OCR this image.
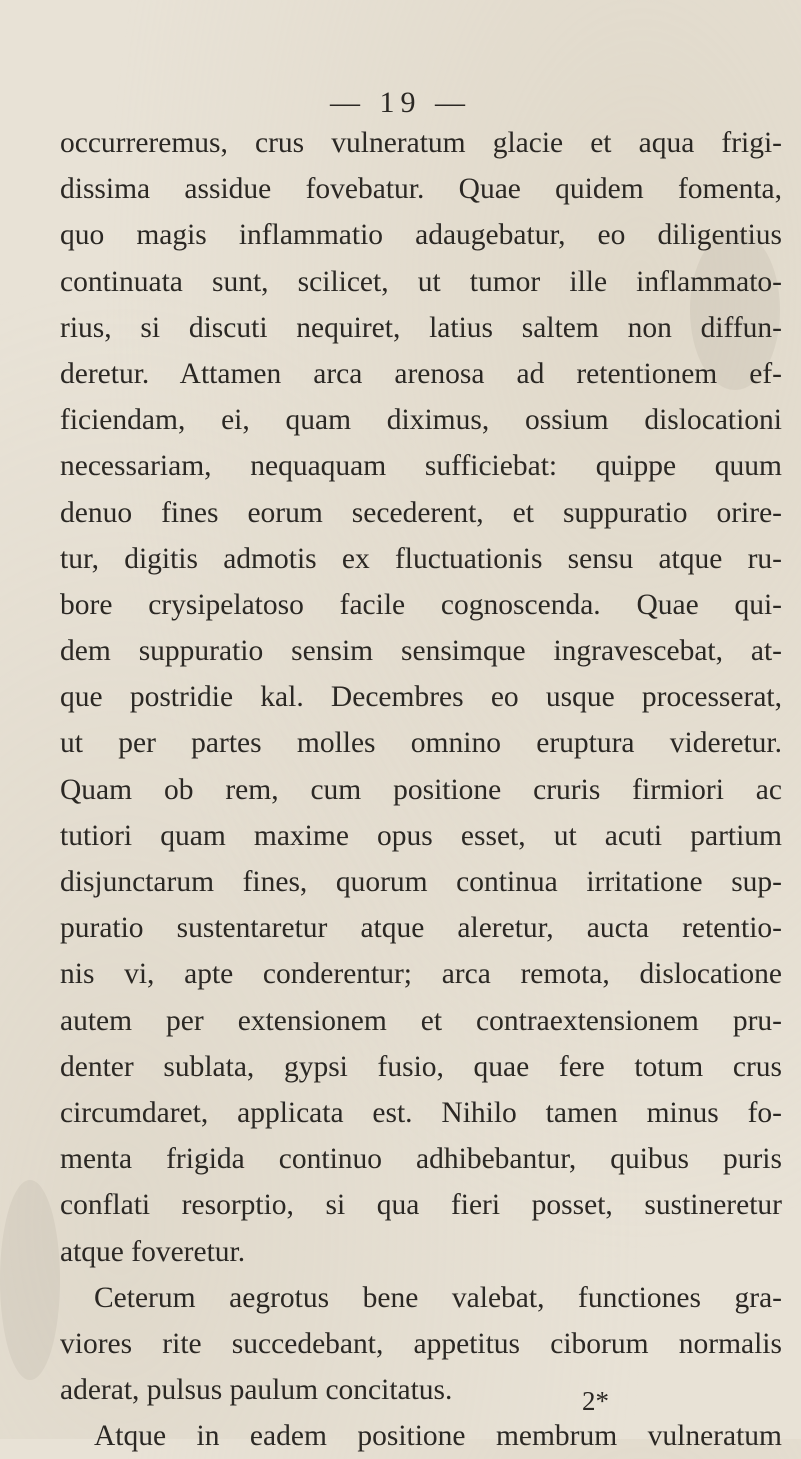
— 19 —
occurreremus, crus vulneratum glacie et aqua frigi-
dissima assidue fovebatur. Quae quidem fomenta,
quo magis inflammatio adaugebatur, eo diligentius
continuata sunt, scilicet, ut tumor ille inflammato-
rius, si discuti nequiret, latius saltem non diffun-
deretur. Attamen arca arenosa ad retentionem ef-
ficiendam, ei, quam diximus, ossium dislocationi
necessariam, nequaquam sufficiebat: quippe quum
denuo fines eorum secederent, et suppuratio orire-
tur, digitis admotis ex fluctuationis sensu atque ru-
bore crysipelatoso facile cognoscenda. Quae qui-
dem suppuratio sensim sensimque ingravescebat, at-
que postridie kal. Decembres eo usque processerat,
ut per partes molles omnino eruptura videretur.
Quam ob rem, cum positione cruris firmiori ac
tutiori quam maxime opus esset, ut acuti partium
disjunctarum fines, quorum continua irritatione sup-
puratio sustentaretur atque aleretur, aucta retentio-
nis vi, apte conderentur; arca remota, dislocatione
autem per extensionem et contraextensionem pru-
denter sublata, gypsi fusio, quae fere totum crus
circumdaret, applicata est. Nihilo tamen minus fo-
menta frigida continuo adhibebantur, quibus puris
conflati resorptio, si qua fieri posset, sustineretur
atque foveretur.
Ceterum aegrotus bene valebat, functiones gra-
viores rite succedebant, appetitus ciborum normalis
aderat, pulsus paulum concitatus.
Atque in eadem positione membrum vulneratum
2*
